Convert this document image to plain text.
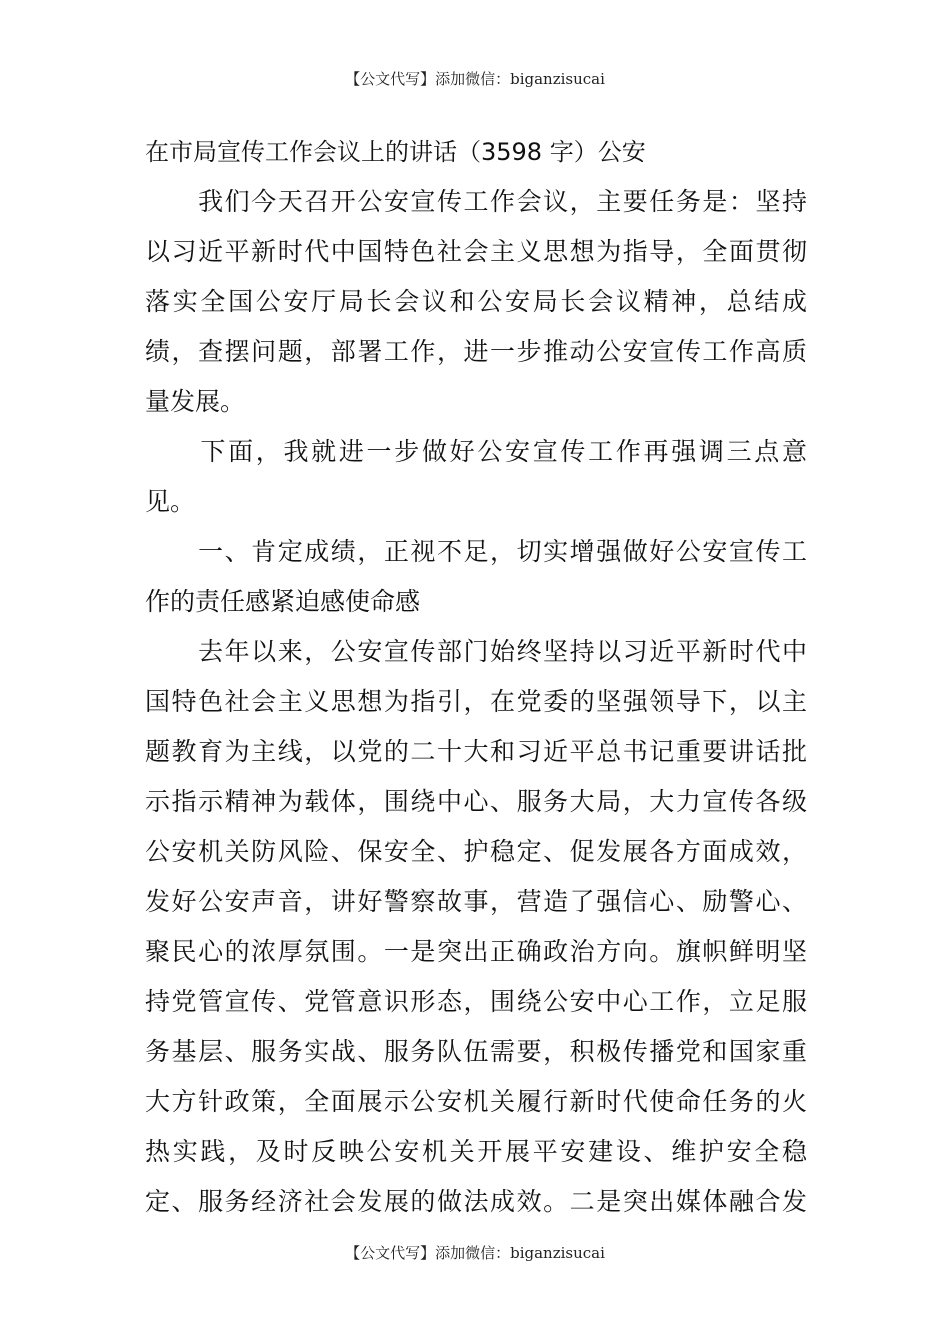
【公文代写】添加微信：biganzisucai
在市局宣传工作会议上的讲话（3598 字）公安
　　我们今天召开公安宣传工作会议，主要任务是：坚持
以习近平新时代中国特色社会主义思想为指导，全面贯彻
落实全国公安厅局长会议和公安局长会议精神，总结成
绩，查摆问题，部署工作，进一步推动公安宣传工作高质
量发展。
　　下面，我就进一步做好公安宣传工作再强调三点意
见。
　　一、肯定成绩，正视不足，切实增强做好公安宣传工
作的责任感紧迫感使命感
　　去年以来，公安宣传部门始终坚持以习近平新时代中
国特色社会主义思想为指引，在党委的坚强领导下，以主
题教育为主线，以党的二十大和习近平总书记重要讲话批
示指示精神为载体，围绕中心、服务大局，大力宣传各级
公安机关防风险、保安全、护稳定、促发展各方面成效，
发好公安声音，讲好警察故事，营造了强信心、励警心、
聚民心的浓厚氛围。一是突出正确政治方向。旗帜鲜明坚
持党管宣传、党管意识形态，围绕公安中心工作，立足服
务基层、服务实战、服务队伍需要，积极传播党和国家重
大方针政策，全面展示公安机关履行新时代使命任务的火
热实践，及时反映公安机关开展平安建设、维护安全稳
定、服务经济社会发展的做法成效。二是突出媒体融合发
【公文代写】添加微信：biganzisucai
